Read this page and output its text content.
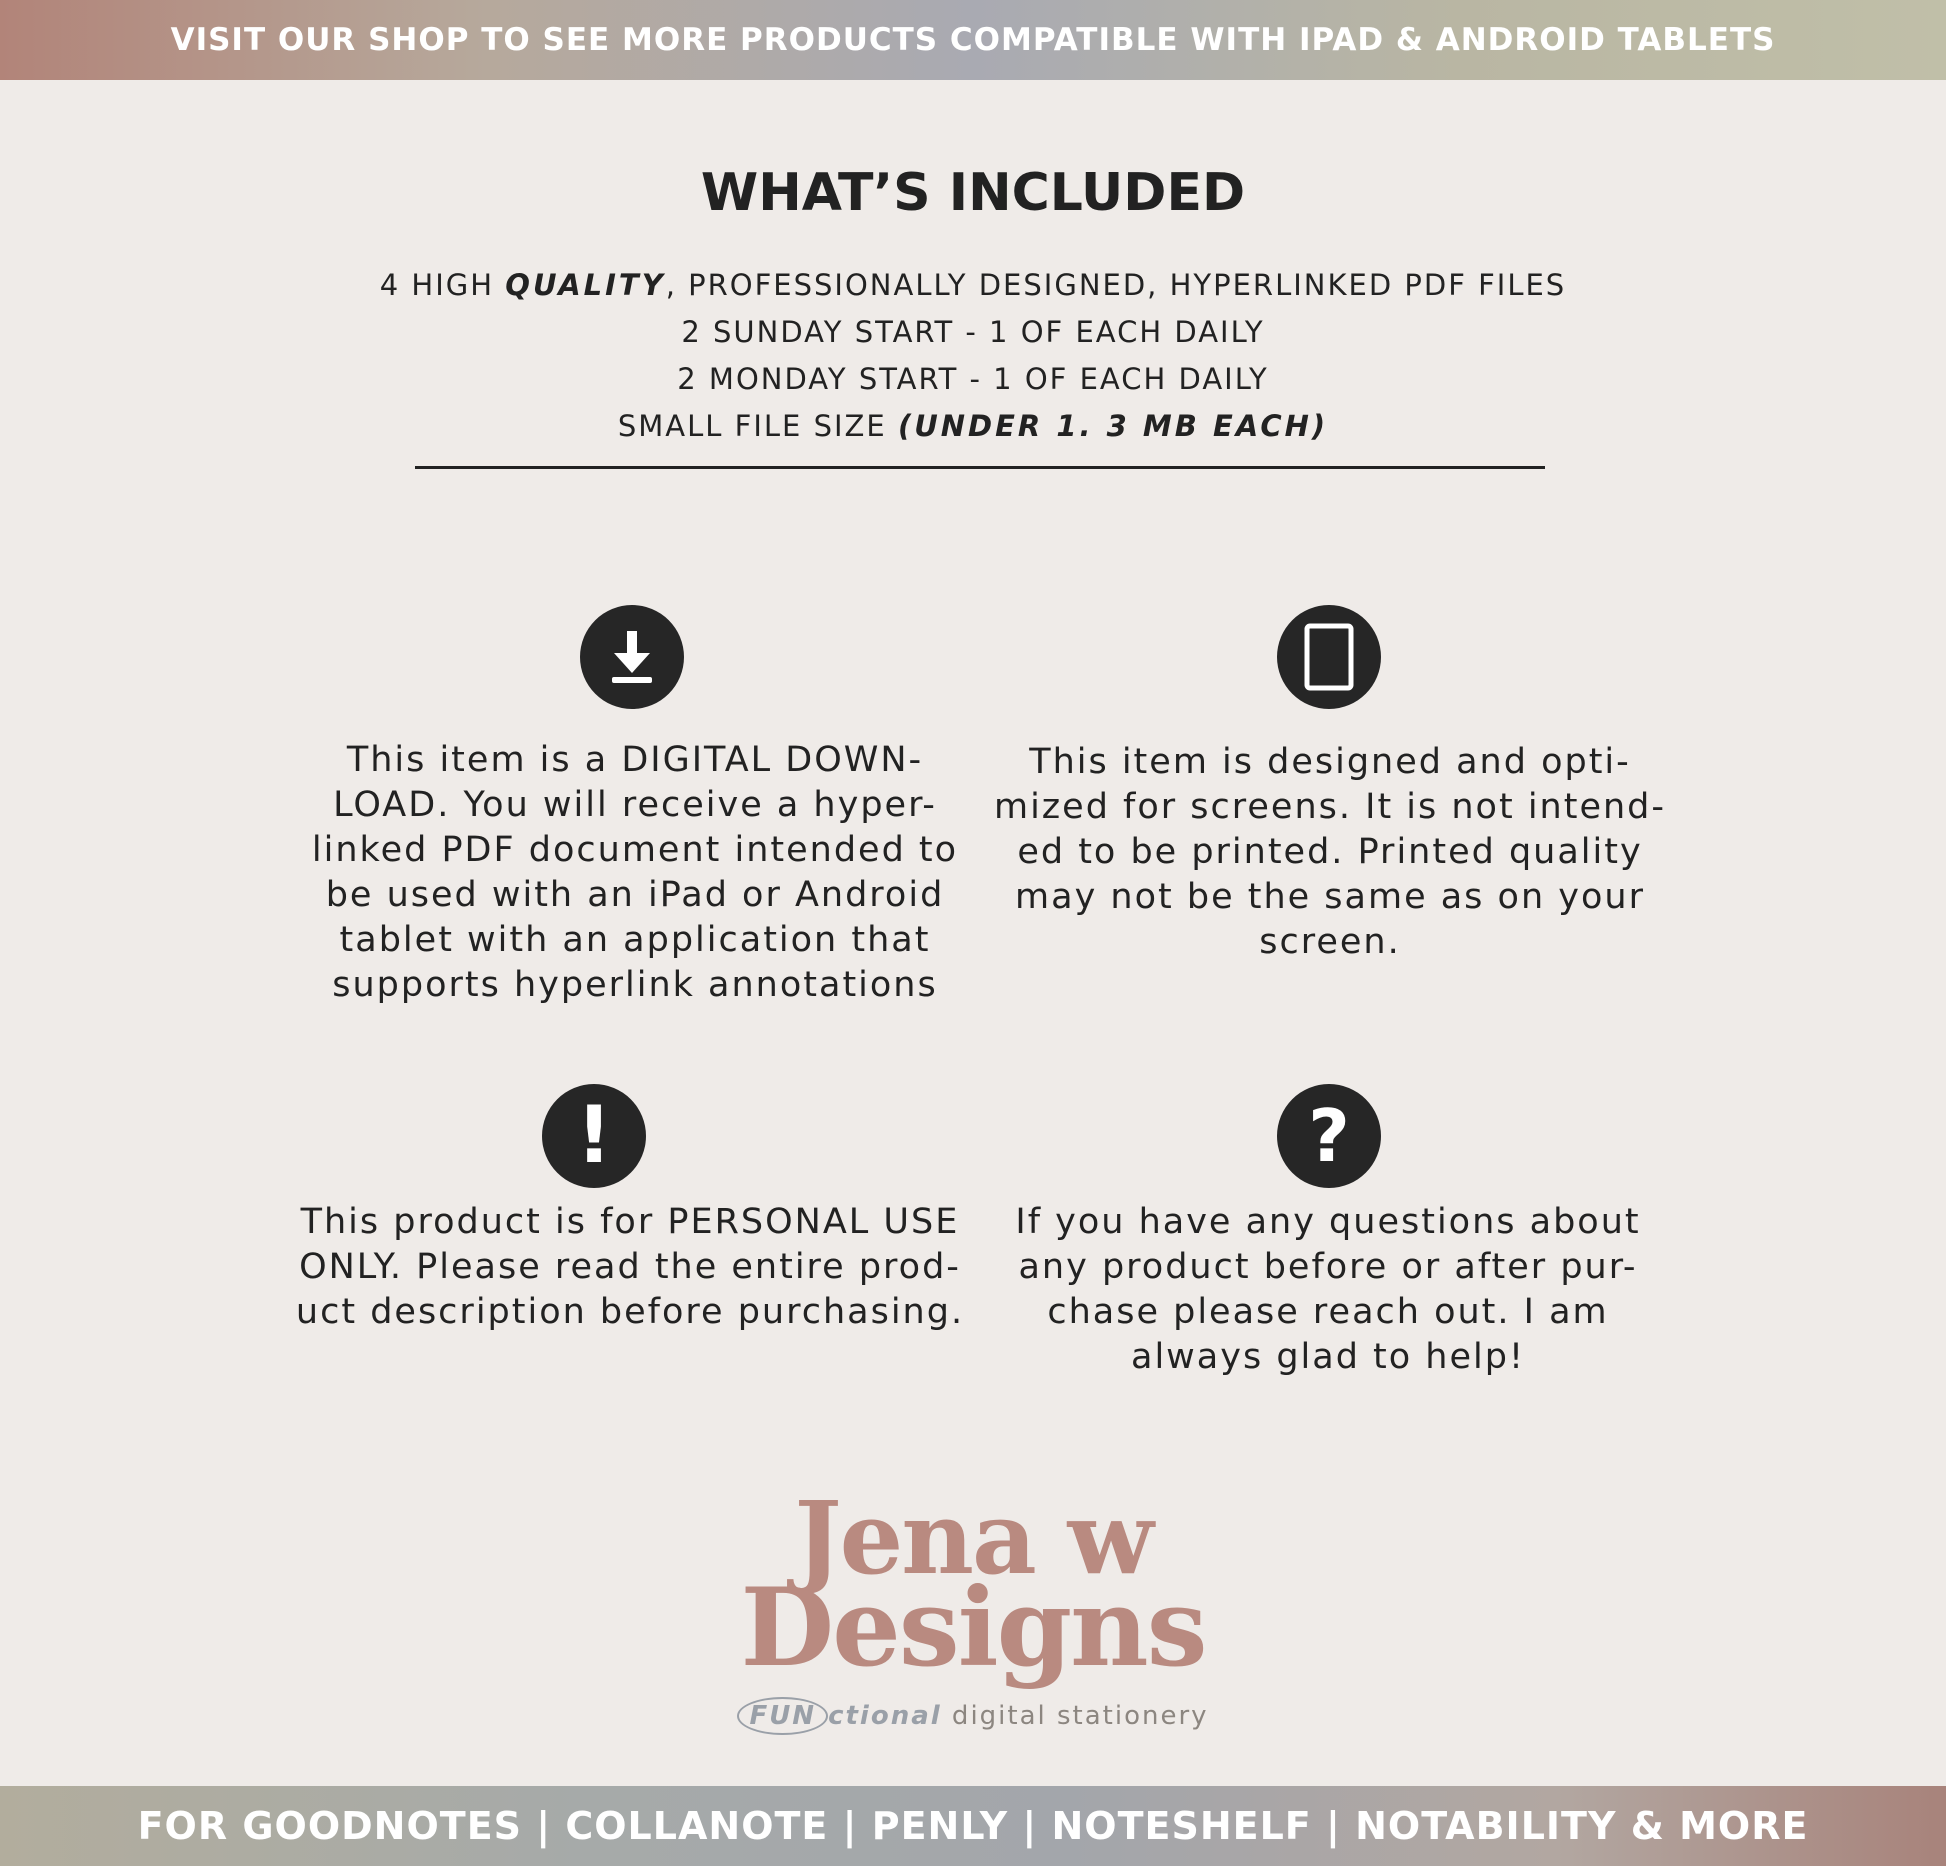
VISIT OUR SHOP TO SEE MORE PRODUCTS COMPATIBLE WITH IPAD & ANDROID TABLETS
WHAT’S INCLUDED
4 HIGH QUALITY, PROFESSIONALLY DESIGNED, HYPERLINKED PDF FILES
2 SUNDAY START - 1 OF EACH DAILY
2 MONDAY START - 1 OF EACH DAILY
SMALL FILE SIZE (UNDER 1. 3 MB EACH)
This item is a DIGITAL DOWN-
LOAD. You will receive a hyper-
linked PDF document intended to
be used with an iPad or Android
tablet with an application that
supports hyperlink annotations
This item is designed and opti-
mized for screens. It is not intend-
ed to be printed. Printed quality
may not be the same as on your
screen.
!
This product is for PERSONAL USE
ONLY. Please read the entire prod-
uct description before purchasing.
?
If you have any questions about
any product before or after pur-
chase please reach out. I am
always glad to help!
Jena w
Designs
FUN ctional digital stationery
FOR GOODNOTES | COLLANOTE | PENLY | NOTESHELF | NOTABILITY & MORE
